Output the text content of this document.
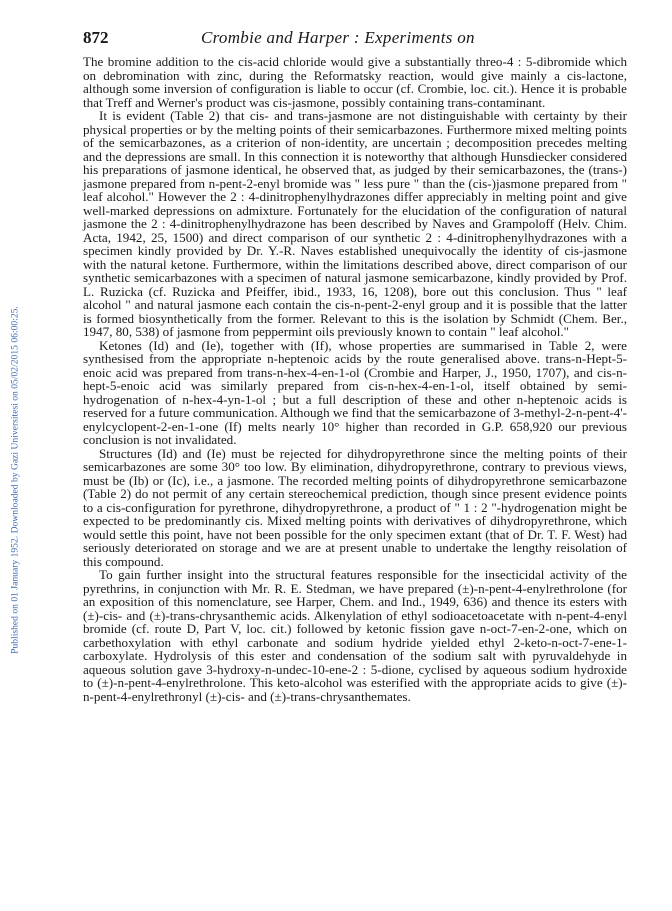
Published on 01 January 1952. Downloaded by Gazi Universitesi on 05/02/2015 06:00:25.
872	Crombie and Harper : Experiments on

The bromine addition to the cis-acid chloride would give a substantially threo-4 : 5-dibromide which on debromination with zinc, during the Reformatsky reaction, would give mainly a cis-lactone, although some inversion of configuration is liable to occur (cf. Crombie, loc. cit.). Hence it is probable that Treff and Werner's product was cis-jasmone, possibly containing trans-contaminant.

It is evident (Table 2) that cis- and trans-jasmone are not distinguishable with certainty by their physical properties or by the melting points of their semicarbazones. Furthermore mixed melting points of the semicarbazones, as a criterion of non-identity, are uncertain ; decomposition precedes melting and the depressions are small. In this connection it is noteworthy that although Hunsdiecker considered his preparations of jasmone identical, he observed that, as judged by their semicarbazones, the (trans-) jasmone prepared from n-pent-2-enyl bromide was " less pure " than the (cis-)jasmone prepared from " leaf alcohol." However the 2 : 4-dinitrophenylhydrazones differ appreciably in melting point and give well-marked depressions on admixture. Fortunately for the elucidation of the configuration of natural jasmone the 2 : 4-dinitrophenylhydrazone has been described by Naves and Grampoloff (Helv. Chim. Acta, 1942, 25, 1500) and direct comparison of our synthetic 2 : 4-dinitrophenylhydrazones with a specimen kindly provided by Dr. Y.-R. Naves established unequivocally the identity of cis-jasmone with the natural ketone. Furthermore, within the limitations described above, direct comparison of our synthetic semicarbazones with a specimen of natural jasmone semicarbazone, kindly provided by Prof. L. Ruzicka (cf. Ruzicka and Pfeiffer, ibid., 1933, 16, 1208), bore out this conclusion. Thus " leaf alcohol " and natural jasmone each contain the cis-n-pent-2-enyl group and it is possible that the latter is formed biosynthetically from the former. Relevant to this is the isolation by Schmidt (Chem. Ber., 1947, 80, 538) of jasmone from peppermint oils previously known to contain " leaf alcohol."

Ketones (Id) and (Ie), together with (If), whose properties are summarised in Table 2, were synthesised from the appropriate n-heptenoic acids by the route generalised above. trans-n-Hept-5-enoic acid was prepared from trans-n-hex-4-en-1-ol (Crombie and Harper, J., 1950, 1707), and cis-n-hept-5-enoic acid was similarly prepared from cis-n-hex-4-en-1-ol, itself obtained by semi-hydrogenation of n-hex-4-yn-1-ol ; but a full description of these and other n-heptenoic acids is reserved for a future communication. Although we find that the semicarbazone of 3-methyl-2-n-pent-4'-enylcyclopent-2-en-1-one (If) melts nearly 10° higher than recorded in G.P. 658,920 our previous conclusion is not invalidated.

Structures (Id) and (Ie) must be rejected for dihydropyrethrone since the melting points of their semicarbazones are some 30° too low. By elimination, dihydropyrethrone, contrary to previous views, must be (Ib) or (Ic), i.e., a jasmone. The recorded melting points of dihydropyrethrone semicarbazone (Table 2) do not permit of any certain stereochemical prediction, though since present evidence points to a cis-configuration for pyrethrone, dihydropyrethrone, a product of " 1 : 2 "-hydrogenation might be expected to be predominantly cis. Mixed melting points with derivatives of dihydropyrethrone, which would settle this point, have not been possible for the only specimen extant (that of Dr. T. F. West) had seriously deteriorated on storage and we are at present unable to undertake the lengthy reisolation of this compound.

To gain further insight into the structural features responsible for the insecticidal activity of the pyrethrins, in conjunction with Mr. R. E. Stedman, we have prepared (±)-n-pent-4-enylrethrolone (for an exposition of this nomenclature, see Harper, Chem. and Ind., 1949, 636) and thence its esters with (±)-cis- and (±)-trans-chrysanthemic acids. Alkenylation of ethyl sodioacetoacetate with n-pent-4-enyl bromide (cf. route D, Part V, loc. cit.) followed by ketonic fission gave n-oct-7-en-2-one, which on carbethoxylation with ethyl carbonate and sodium hydride yielded ethyl 2-keto-n-oct-7-ene-1-carboxylate. Hydrolysis of this ester and condensation of the sodium salt with pyruvaldehyde in aqueous solution gave 3-hydroxy-n-undec-10-ene-2 : 5-dione, cyclised by aqueous sodium hydroxide to (±)-n-pent-4-enylrethrolone. This keto-alcohol was esterified with the appropriate acids to give (±)-n-pent-4-enylrethronyl (±)-cis- and (±)-trans-chrysanthemates.
